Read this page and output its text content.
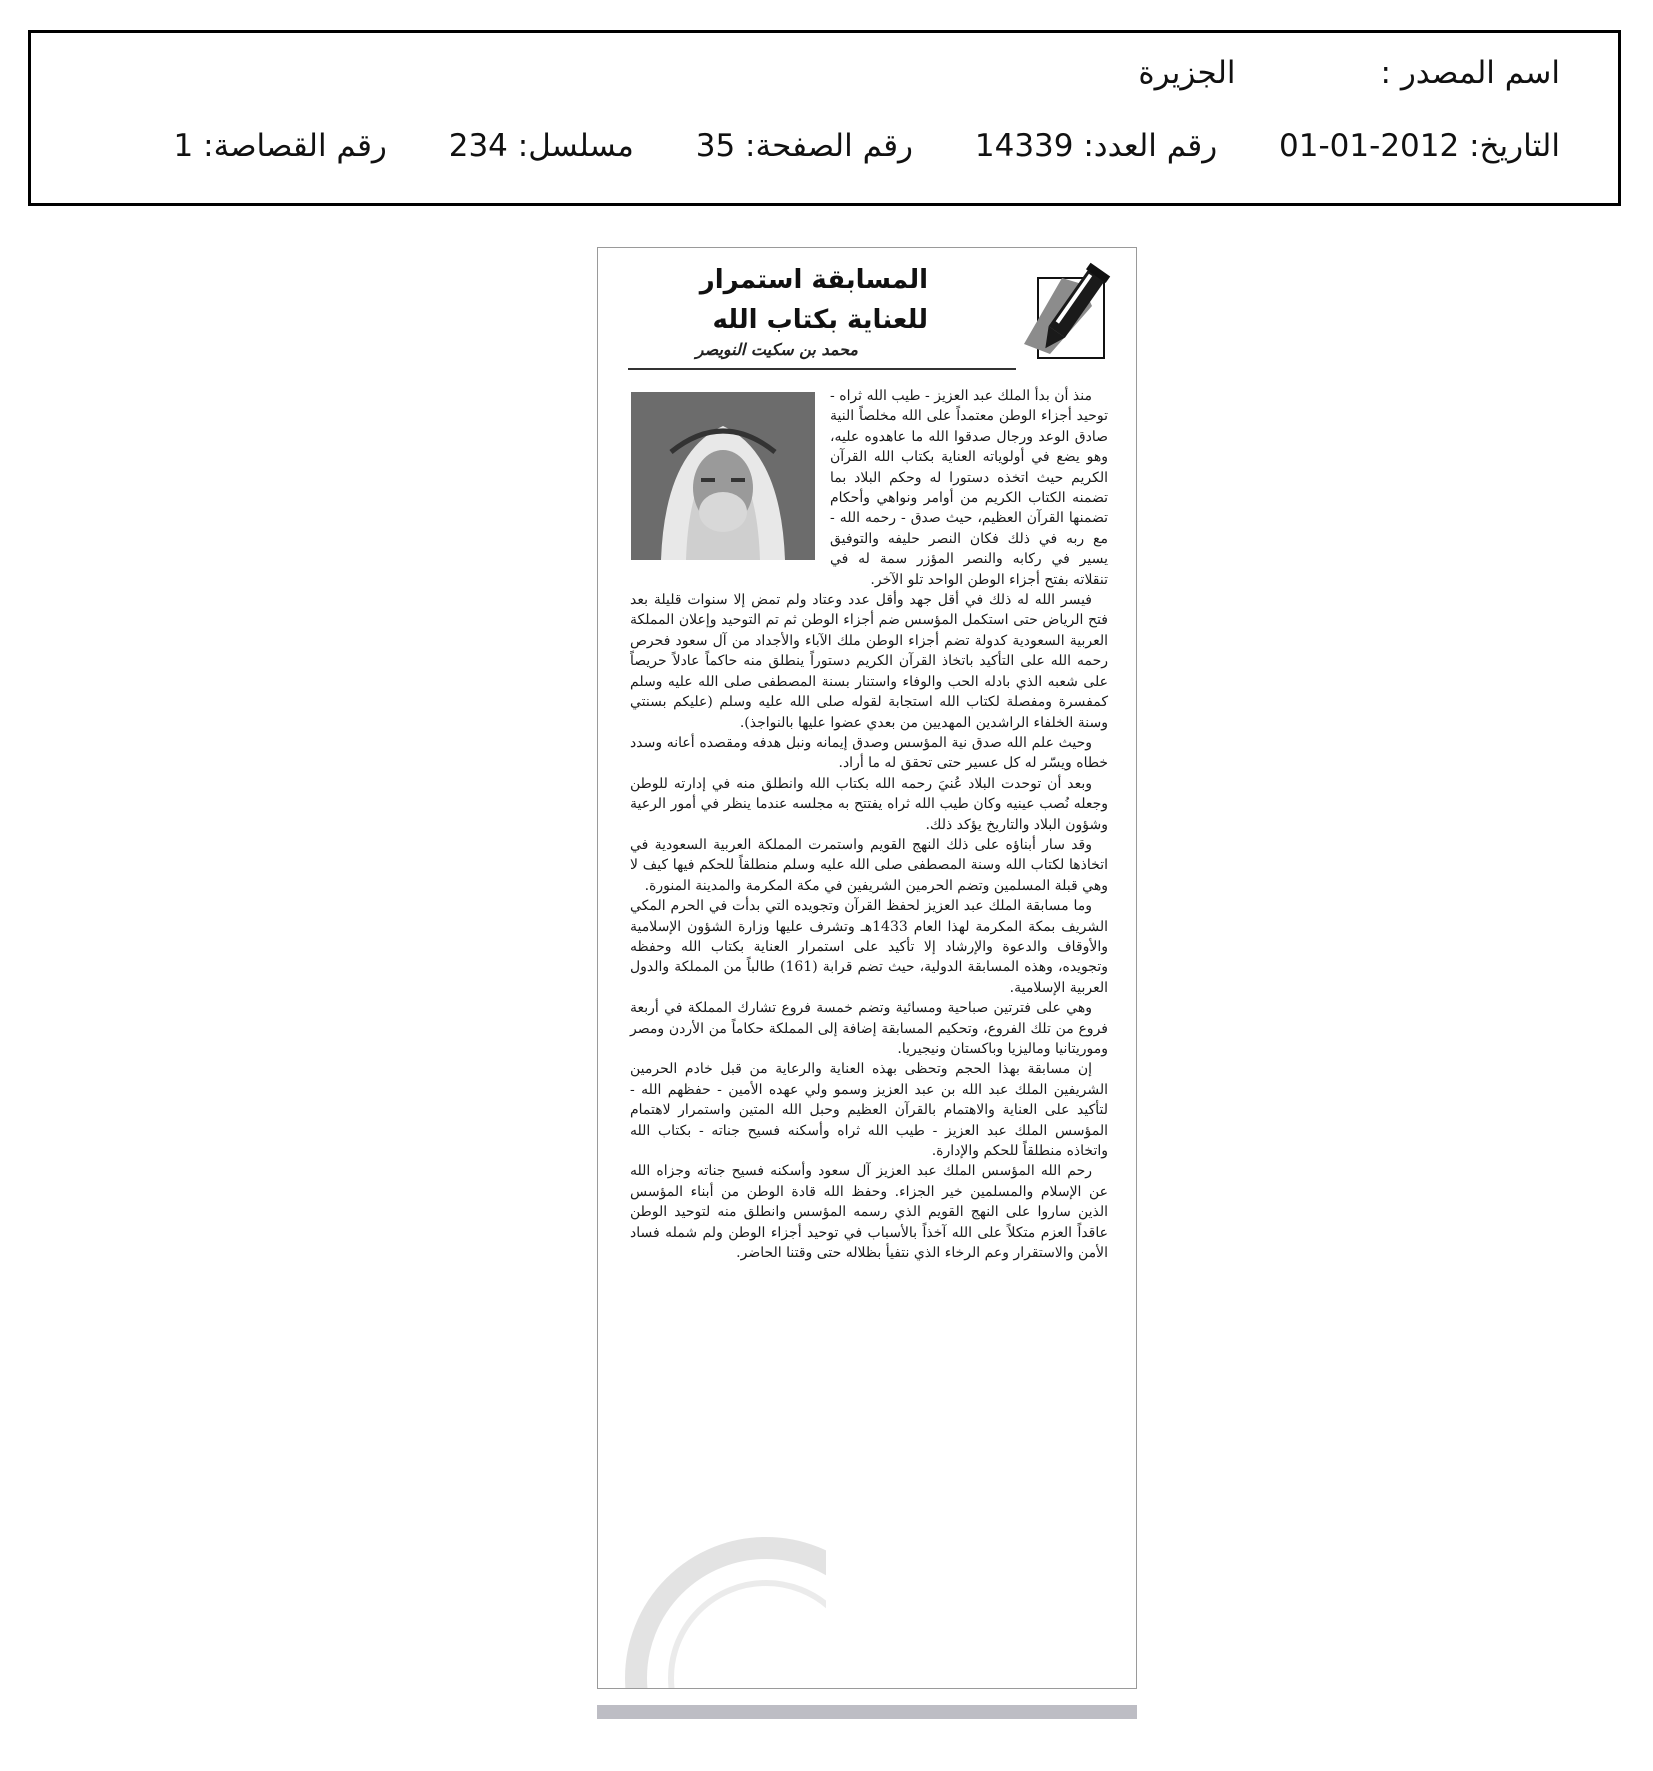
اسم المصدر :الجزيرة
التاريخ: 2012-01-01 رقم العدد: 14339 رقم الصفحة: 35 مسلسل: 234 رقم القصاصة: 1
المسابقة استمرار
للعناية بكتاب الله
محمد بن سكيت النويصر

منذ أن بدأ الملك عبد العزيز - طيب الله ثراه - توحيد أجزاء الوطن معتمداً على الله مخلصاً النية صادق الوعد ورجال صدقوا الله ما عاهدوه عليه، وهو يضع في أولوياته العناية بكتاب الله القرآن الكريم حيث اتخذه دستورا له وحكم البلاد بما تضمنه الكتاب الكريم من أوامر ونواهي وأحكام تضمنها القرآن العظيم، حيث صدق - رحمه الله - مع ربه في ذلك فكان النصر حليفه والتوفيق يسير في ركابه والنصر المؤزر سمة له في تنقلاته بفتح أجزاء الوطن الواحد تلو الآخر.

فيسر الله له ذلك في أقل جهد وأقل عدد وعتاد ولم تمض إلا سنوات قليلة بعد فتح الرياض حتى استكمل المؤسس ضم أجزاء الوطن ثم تم التوحيد وإعلان المملكة العربية السعودية كدولة تضم أجزاء الوطن ملك الآباء والأجداد من آل سعود فحرص رحمه الله على التأكيد باتخاذ القرآن الكريم دستوراً ينطلق منه حاكماً عادلاً حريصاً على شعبه الذي بادله الحب والوفاء واستنار بسنة المصطفى صلى الله عليه وسلم كمفسرة ومفصلة لكتاب الله استجابة لقوله صلى الله عليه وسلم (عليكم بسنتي وسنة الخلفاء الراشدين المهديين من بعدي عضوا عليها بالنواجذ).

وحيث علم الله صدق نية المؤسس وصدق إيمانه ونبل هدفه ومقصده أعانه وسدد خطاه ويسّر له كل عسير حتى تحقق له ما أراد.

وبعد أن توحدت البلاد عُنيَ رحمه الله بكتاب الله وانطلق منه في إدارته للوطن وجعله نُصب عينيه وكان طيب الله ثراه يفتتح به مجلسه عندما ينظر في أمور الرعية وشؤون البلاد والتاريخ يؤكد ذلك.

وقد سار أبناؤه على ذلك النهج القويم واستمرت المملكة العربية السعودية في اتخاذها لكتاب الله وسنة المصطفى صلى الله عليه وسلم منطلقاً للحكم فيها كيف لا وهي قبلة المسلمين وتضم الحرمين الشريفين في مكة المكرمة والمدينة المنورة.

وما مسابقة الملك عبد العزيز لحفظ القرآن وتجويده التي بدأت في الحرم المكي الشريف بمكة المكرمة لهذا العام 1433هـ وتشرف عليها وزارة الشؤون الإسلامية والأوقاف والدعوة والإرشاد إلا تأكيد على استمرار العناية بكتاب الله وحفظه وتجويده، وهذه المسابقة الدولية، حيث تضم قرابة (161) طالباً من المملكة والدول العربية الإسلامية.

وهي على فترتين صباحية ومسائية وتضم خمسة فروع تشارك المملكة في أربعة فروع من تلك الفروع، وتحكيم المسابقة إضافة إلى المملكة حكاماً من الأردن ومصر وموريتانيا وماليزيا وباكستان ونيجيريا.

إن مسابقة بهذا الحجم وتحظى بهذه العناية والرعاية من قبل خادم الحرمين الشريفين الملك عبد الله بن عبد العزيز وسمو ولي عهده الأمين - حفظهم الله - لتأكيد على العناية والاهتمام بالقرآن العظيم وحبل الله المتين واستمرار لاهتمام المؤسس الملك عبد العزيز - طيب الله ثراه وأسكنه فسيح جناته - بكتاب الله واتخاذه منطلقاً للحكم والإدارة.

رحم الله المؤسس الملك عبد العزيز آل سعود وأسكنه فسيح جناته وجزاه الله عن الإسلام والمسلمين خير الجزاء. وحفظ الله قادة الوطن من أبناء المؤسس الذين ساروا على النهج القويم الذي رسمه المؤسس وانطلق منه لتوحيد الوطن عاقداً العزم متكلاً على الله آخذاً بالأسباب في توحيد أجزاء الوطن ولم شمله فساد الأمن والاستقرار وعم الرخاء الذي نتفيأ بظلاله حتى وقتنا الحاضر.
